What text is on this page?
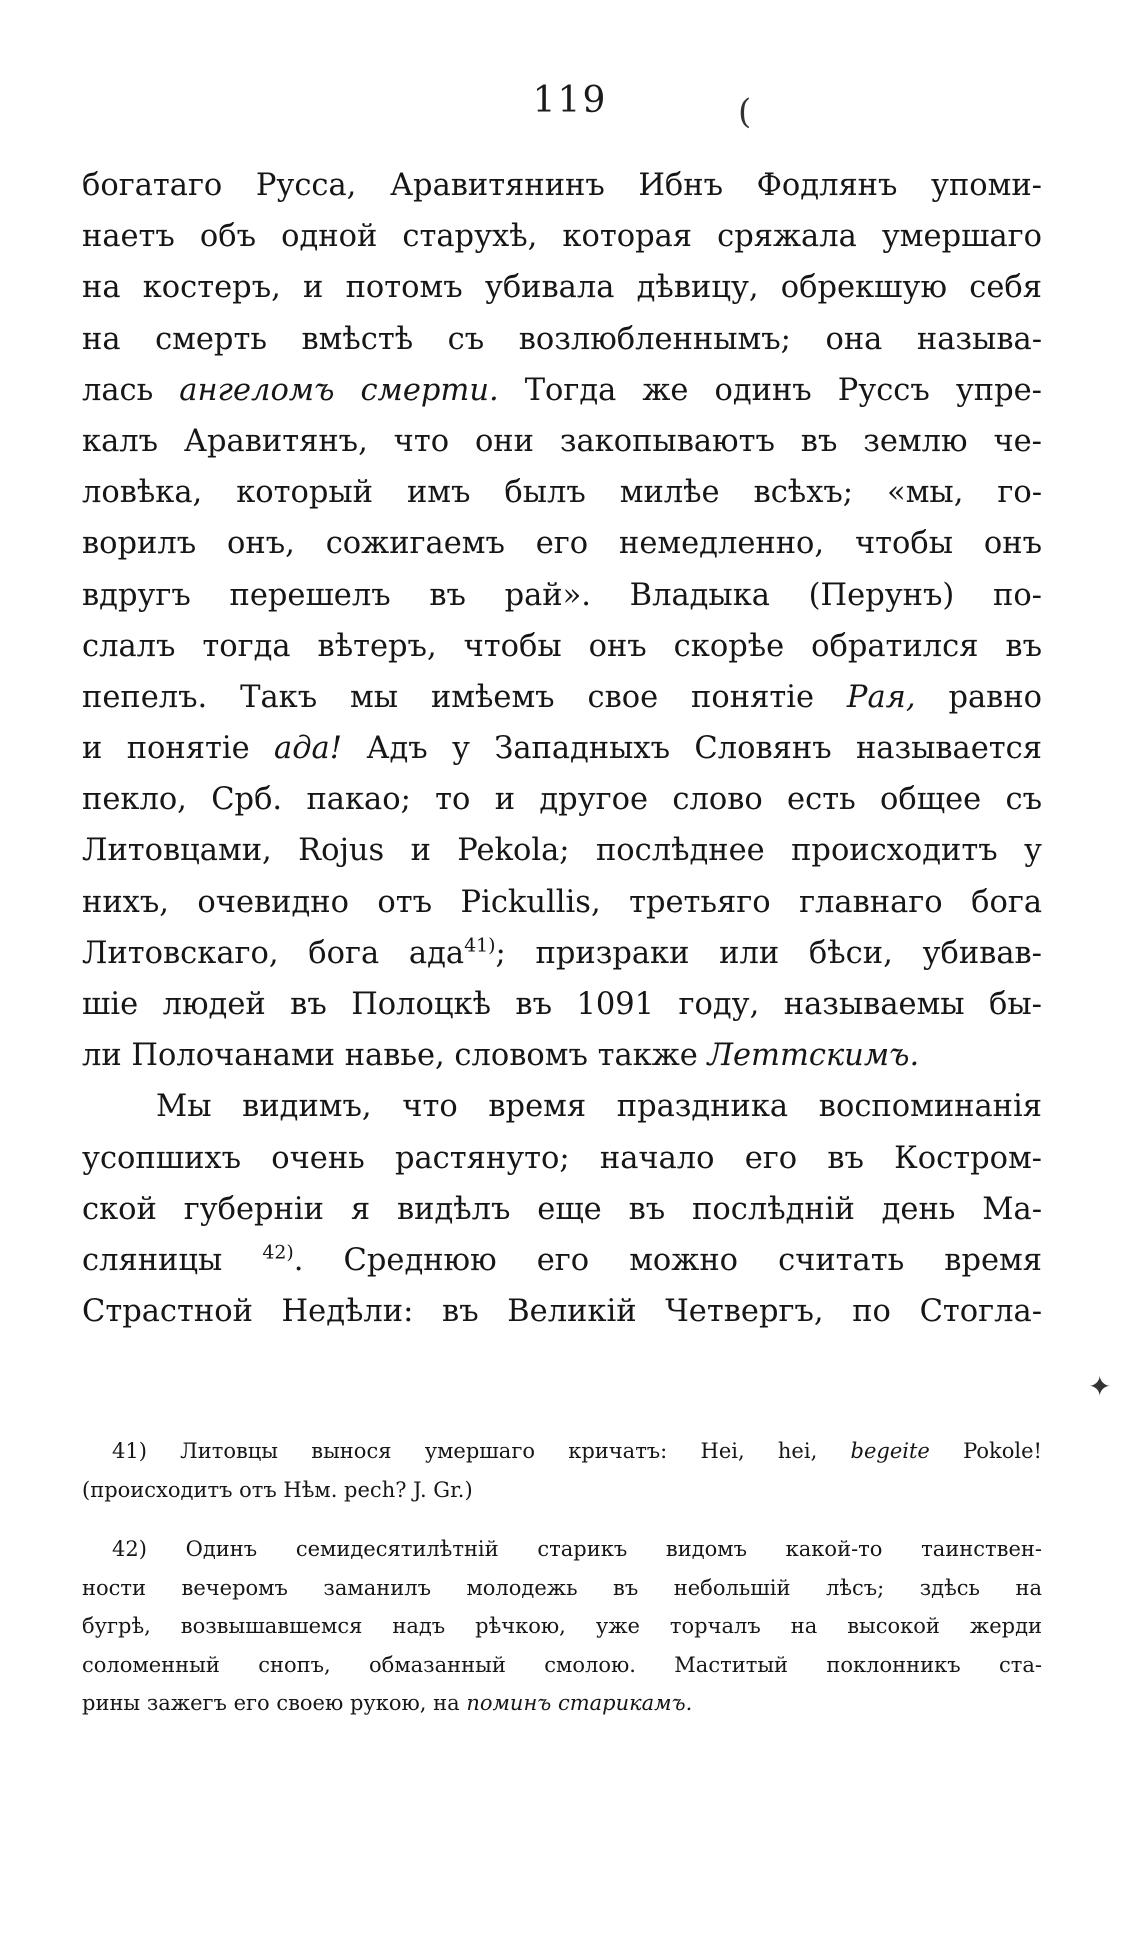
119	(
✦
богатаго Русса, Аравитянинъ Ибнъ Фодлянъ упоми-
наетъ объ одной старухѣ, которая сряжала умершаго
на костеръ, и потомъ убивала дѣвицу, обрекшую себя
на смерть вмѣстѣ съ возлюбленнымъ; она называ-
лась ангеломъ смерти. Тогда же одинъ Руссъ упре-
калъ Аравитянъ, что они закопываютъ въ землю че-
ловѣка, который имъ былъ милѣе всѣхъ; «мы, го-
ворилъ онъ, сожигаемъ его немедленно, чтобы онъ
вдругъ перешелъ въ рай». Владыка (Перунъ) по-
слалъ тогда вѣтеръ, чтобы онъ скорѣе обратился въ
пепелъ. Такъ мы имѣемъ свое понятіе Рая, равно
и понятіе ада! Адъ у Западныхъ Словянъ называется
пекло, Срб. пакао; то и другое слово есть общее съ
Литовцами, Rojus и Pekola; послѣднее происходитъ у
нихъ, очевидно отъ Pickullis, третьяго главнаго бога
Литовскаго, бога ада$^{41)}$; призраки или бѣси, убивав-
шіе людей въ Полоцкѣ въ 1091 году, называемы бы-
ли Полочанами навье, словомъ также Леттскимъ.
Мы видимъ, что время праздника воспоминанія
усопшихъ очень растянуто; начало его въ Костром-
ской губерніи я видѣлъ еще въ послѣдній день Ма-
сляницы $^{42)}$. Среднюю его можно считать время
Страстной Недѣли: въ Великій Четвергъ, по Стогла-
41) Литовцы вынося умершаго кричатъ: Hei, hei, begeite Pokole!
(происходитъ отъ Нѣм. pech? J. Gr.)
42) Одинъ семидесятилѣтній старикъ видомъ какой-то таинствен-
ности вечеромъ заманилъ молодежь въ небольшій лѣсъ; здѣсь на
бугрѣ, возвышавшемся надъ рѣчкою, уже торчалъ на высокой жерди
соломенный снопъ, обмазанный смолою. Маститый поклонникъ ста-
рины зажегъ его своею рукою, на поминъ старикамъ.
